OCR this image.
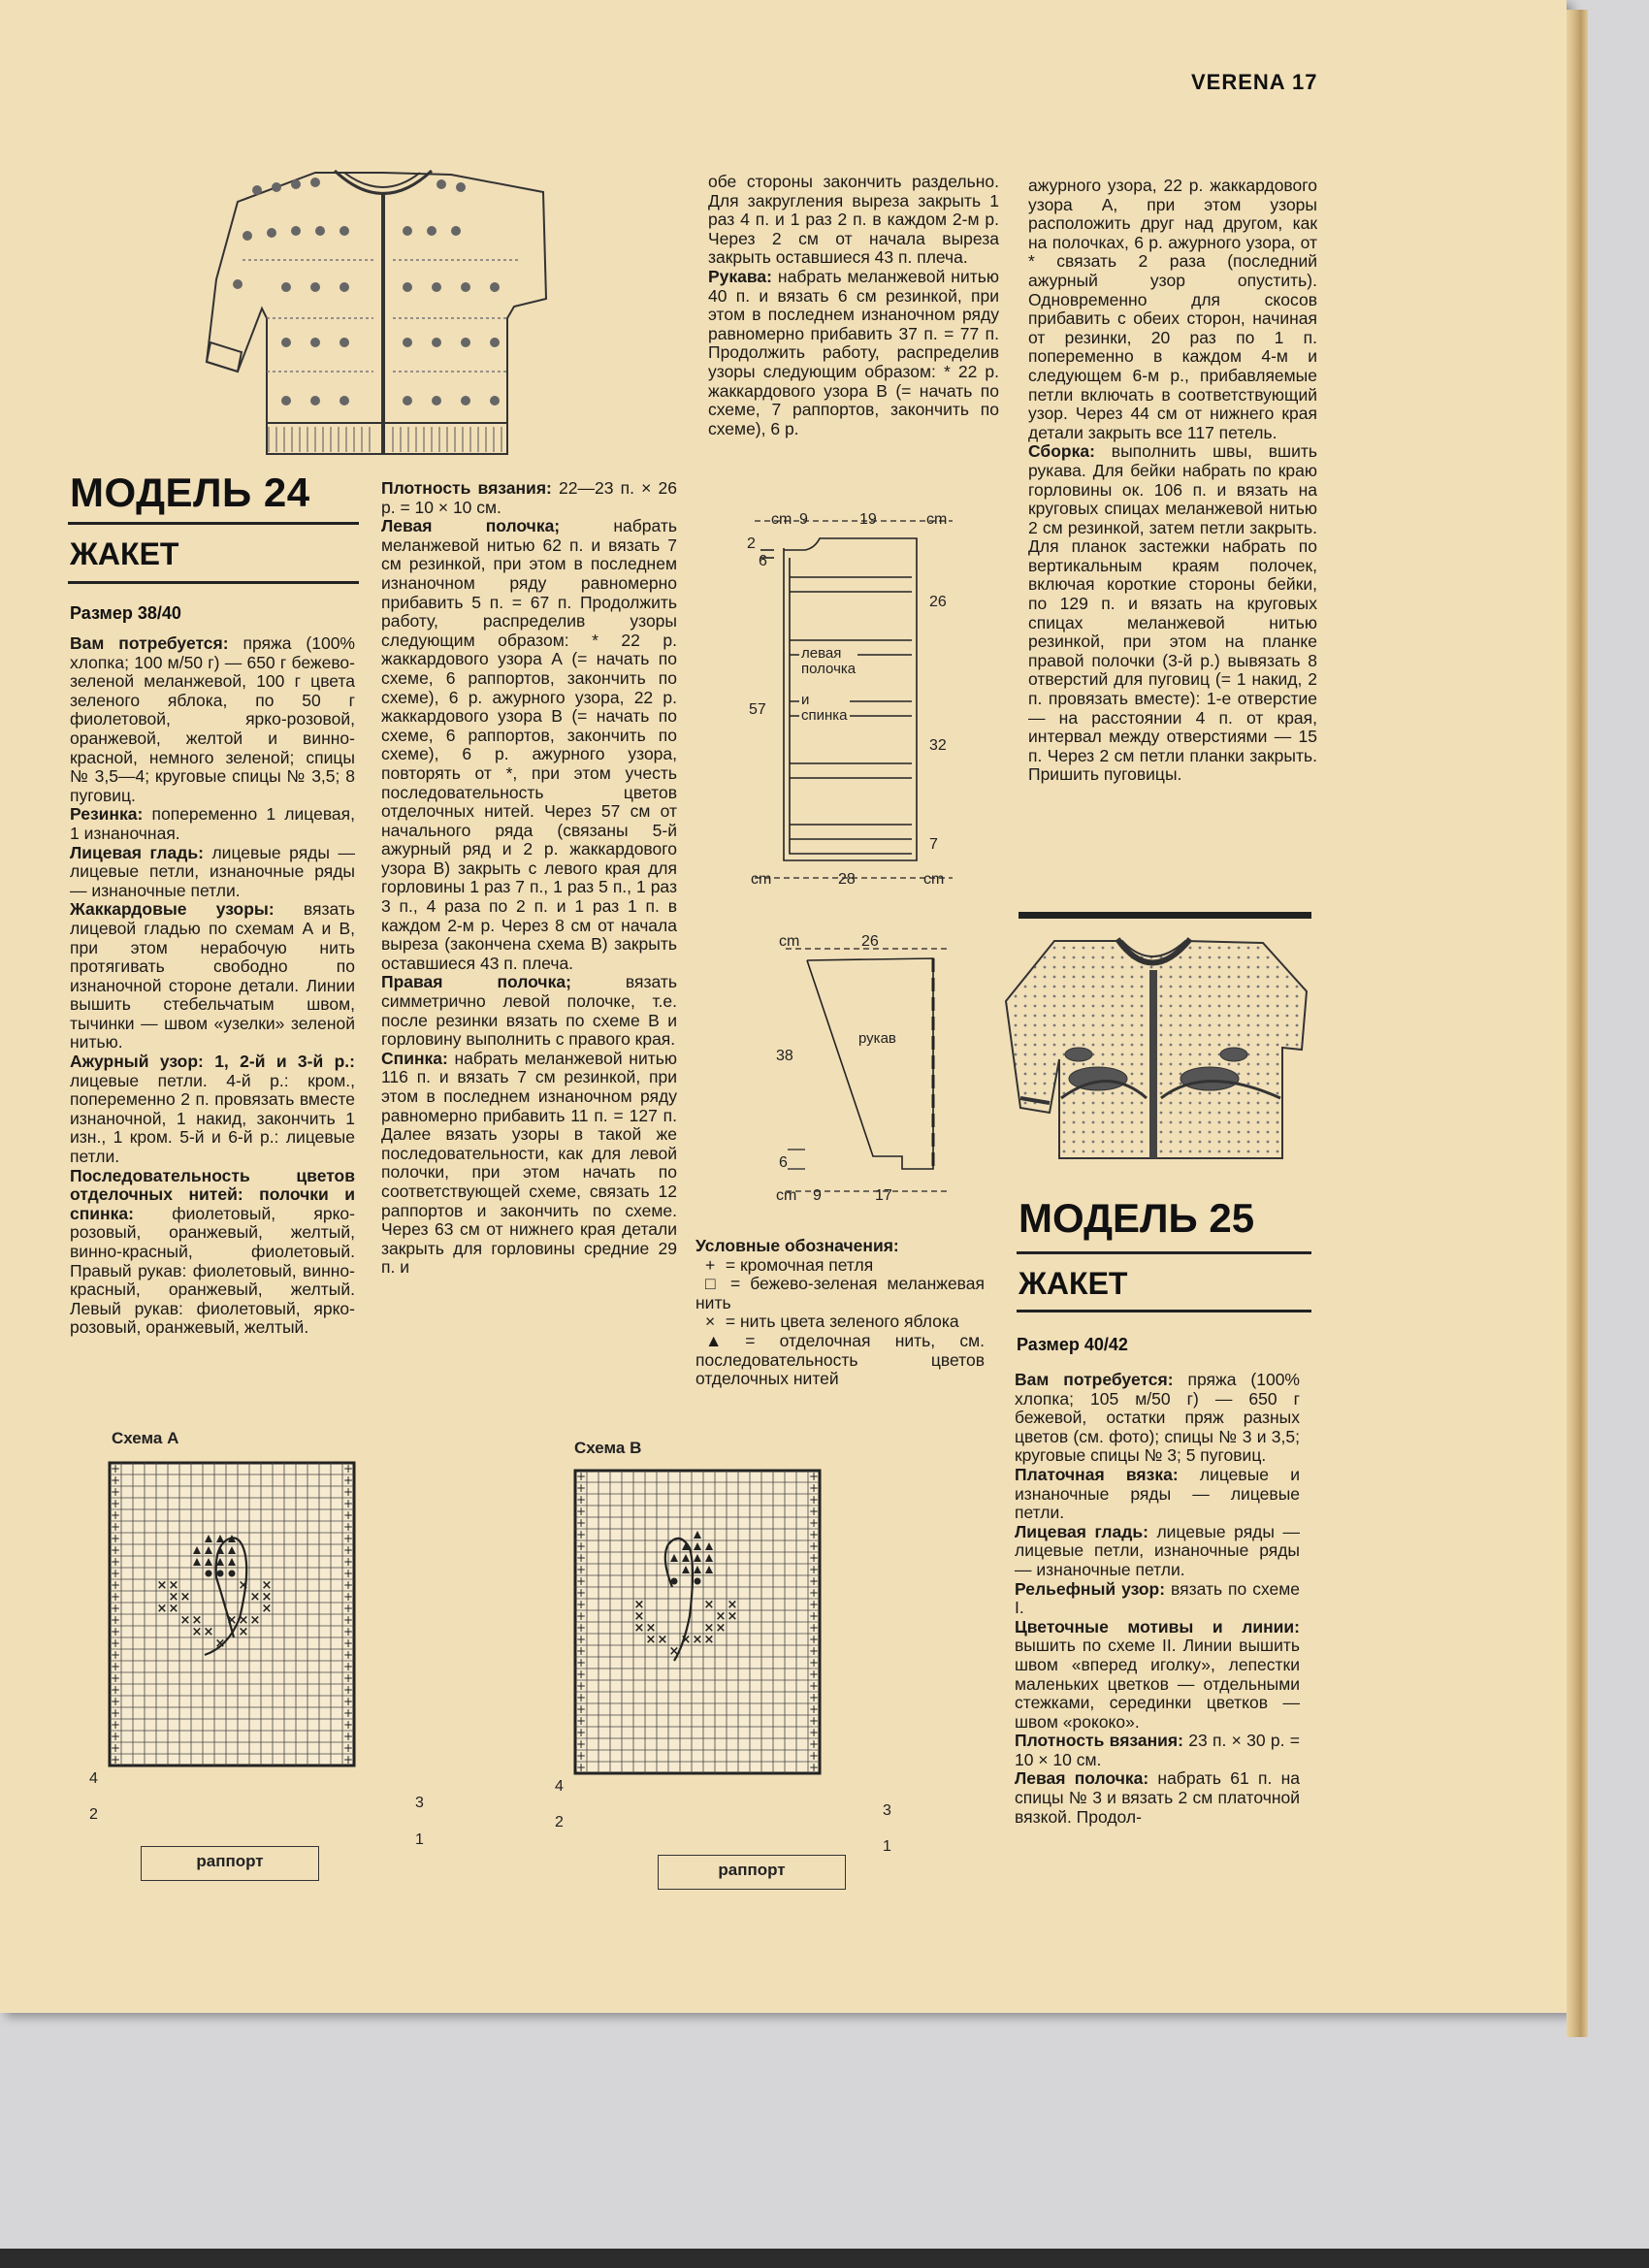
VERENA 17
МОДЕЛЬ 24
ЖАКЕТ
Размер 38/40

Вам потребуется: пряжа (100% хлопка; 100 м/50 г) — 650 г бежево-зеленой меланжевой, 100 г цвета зеленого яблока, по 50 г фиолетовой, ярко-розовой, оранжевой, желтой и винно-красной, немного зеленой; спицы № 3,5—4; круговые спицы № 3,5; 8 пуговиц.

Резинка: попеременно 1 лицевая, 1 изнаночная.

Лицевая гладь: лицевые ряды — лицевые петли, изнаночные ряды — изнаночные петли.

Жаккардовые узоры: вязать лицевой гладью по схемам А и В, при этом нерабочую нить протягивать свободно по изнаночной стороне детали. Линии вышить стебельчатым швом, тычинки — швом «узелки» зеленой нитью.

Ажурный узор: 1, 2-й и 3-й р.: лицевые петли. 4-й р.: кром., попеременно 2 п. провязать вместе изнаночной, 1 накид, закончить 1 изн., 1 кром. 5-й и 6-й р.: лицевые петли.

Последовательность цветов отделочных нитей: полочки и спинка: фиолетовый, ярко-розовый, оранжевый, желтый, винно-красный, фиолетовый. Правый рукав: фиолетовый, винно-красный, оранжевый, желтый. Левый рукав: фиолетовый, ярко-розовый, оранжевый, желтый.

Плотность вязания: 22—23 п. × 26 р. = 10 × 10 см.

Левая полочка; набрать меланжевой нитью 62 п. и вязать 7 см резинкой, при этом в последнем изнаночном ряду равномерно прибавить 5 п. = 67 п. Продолжить работу, распределив узоры следующим образом: * 22 р. жаккардового узора А (= начать по схеме, 6 раппортов, закончить по схеме), 6 р. ажурного узора, 22 р. жаккардового узора В (= начать по схеме, 6 раппортов, закончить по схеме), 6 р. ажурного узора, повторять от *, при этом учесть последовательность цветов отделочных нитей. Через 57 см от начального ряда (связаны 5-й ажурный ряд и 2 р. жаккардового узора В) закрыть с левого края для горловины 1 раз 7 п., 1 раз 5 п., 1 раз 3 п., 4 раза по 2 п. и 1 раз 1 п. в каждом 2-м р. Через 8 см от начала выреза (закончена схема В) закрыть оставшиеся 43 п. плеча.

Правая полочка; вязать симметрично левой полочке, т.е. после резинки вязать по схеме В и горловину выполнить с правого края.

Спинка: набрать меланжевой нитью 116 п. и вязать 7 см резинкой, при этом в последнем изнаночном ряду равномерно прибавить 11 п. = 127 п. Далее вязать узоры в такой же последовательности, как для левой полочки, при этом начать по соответствующей схеме, связать 12 раппортов и закончить по схеме. Через 63 см от нижнего края детали закрыть для горловины средние 29 п. и

обе стороны закончить раздельно. Для закругления выреза закрыть 1 раз 4 п. и 1 раз 2 п. в каждом 2-м р. Через 2 см от начала выреза закрыть оставшиеся 43 п. плеча.

Рукава: набрать меланжевой нитью 40 п. и вязать 6 см резинкой, при этом в последнем изнаночном ряду равномерно прибавить 37 п. = 77 п. Продолжить работу, распределив узоры следующим образом: * 22 р. жаккардового узора В (= начать по схеме, 7 раппортов, закончить по схеме), 6 р.

ажурного узора, 22 р. жаккардового узора А, при этом узоры расположить друг над другом, как на полочках, 6 р. ажурного узора, от * связать 2 раза (последний ажурный узор опустить). Одновременно для скосов прибавить с обеих сторон, начиная от резинки, 20 раз по 1 п. попеременно в каждом 4-м и следующем 6-м р., прибавляемые петли включать в соответствующий узор. Через 44 см от нижнего края детали закрыть все 117 петель.

Сборка: выполнить швы, вшить рукава. Для бейки набрать по краю горловины ок. 106 п. и вязать на круговых спицах меланжевой нитью 2 см резинкой, затем петли закрыть. Для планок застежки набрать по вертикальным краям полочек, включая короткие стороны бейки, по 129 п. и вязать на круговых спицах меланжевой нитью резинкой, при этом на планке правой полочки (3-й р.) вывязать 8 отверстий для пуговиц (= 1 накид, 2 п. провязать вместе): 1-е отверстие — на расстоянии 4 п. от края, интервал между отверстиями — 15 п. Через 2 см петли планки закрыть. Пришить пуговицы.

cm 9	19	cm
2
6
57
26
32
7
cm	28	cm
левая
полочка
и
спинка
cm	26
38
6
рукав
cm 9	17

Условные обозначения:

+ = кромочная петля

□ = бежево-зеленая меланжевая нить

× = нить цвета зеленого яблока

▲ = отделочная нить, см. последовательность цветов отделочных нитей

Схема А
+	+
+	+
+	+
+	+
+	+
+	+
+	+
+	+
+	+
+	+
+	+
+	+
+	+
+	+
+	+
+	+
+	+
+	+
+	+
+	+
+	+
+	+
+	+
+	+
+	+
+	+
× ×
× ×
× ×
× ×
× ×
×
×
×
×
× ×
× ×
× ×
4
2
3
1
раппорт
Схема В
+	+
+	+
+	+
+	+
+	+
+	+
+	+
+	+
+	+
+	+
+	+
+	+
+	+
+	+
+	+
+	+
+	+
+	+
+	+
+	+
+	+
+	+
+	+
+	+
+	+
+	+
×
×
×
×
× ×
×
× ×
× ×
×
×
×
×
×
4
2
3
1
раппорт
МОДЕЛЬ 25
ЖАКЕТ
Размер 40/42

Вам потребуется: пряжа (100% хлопка; 105 м/50 г) — 650 г бежевой, остатки пряж разных цветов (см. фото); спицы № 3 и 3,5; круговые спицы № 3; 5 пуговиц.

Платочная вязка: лицевые и изнаночные ряды — лицевые петли.

Лицевая гладь: лицевые ряды — лицевые петли, изнаночные ряды — изнаночные петли.

Рельефный узор: вязать по схеме I.

Цветочные мотивы и линии: вышить по схеме II. Линии вышить швом «вперед иголку», лепестки маленьких цветков — отдельными стежками, серединки цветков — швом «рококо».

Плотность вязания: 23 п. × 30 р. = 10 × 10 см.

Левая полочка: набрать 61 п. на спицы № 3 и вязать 2 см платочной вязкой. Продол-
